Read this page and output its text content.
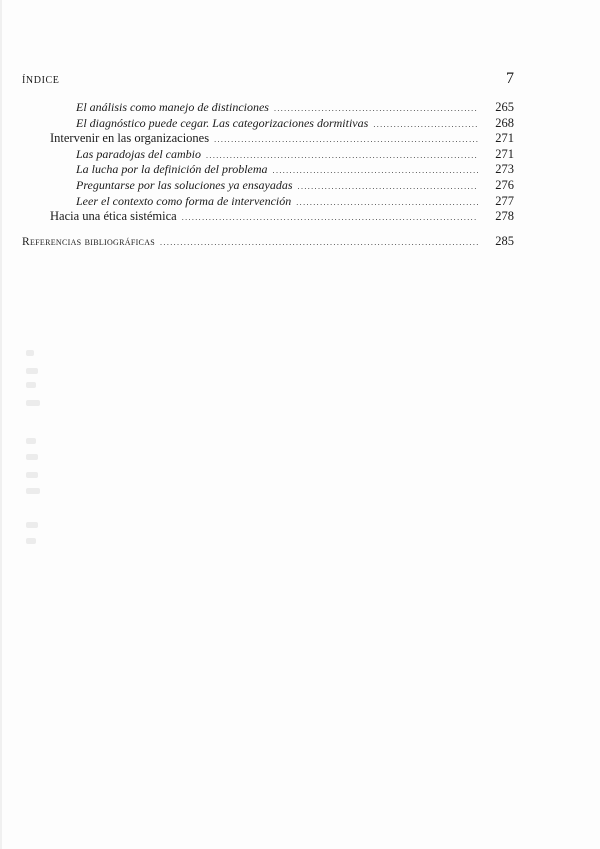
ÍNDICE	7
El análisis como manejo de distinciones .....	265
El diagnóstico puede cegar. Las categorizaciones dormitivas .....	268
Intervenir en las organizaciones .....	271
Las paradojas del cambio .....	271
La lucha por la definición del problema .....	273
Preguntarse por las soluciones ya ensayadas .....	276
Leer el contexto como forma de intervención .....	277
Hacia una ética sistémica .....	278
Referencias bibliográficas .....	285
